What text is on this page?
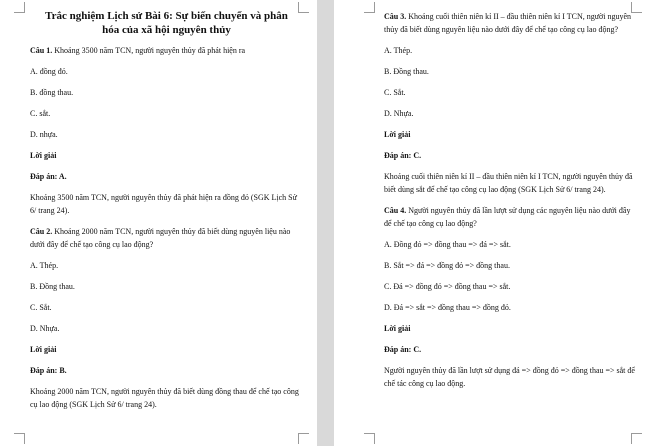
Trắc nghiệm Lịch sử Bài 6: Sự biến chuyển và phân hóa của xã hội nguyên thủy

Câu 1. Khoảng 3500 năm TCN, người nguyên thủy đã phát hiện ra

A. đồng đỏ.

B. đồng thau.

C. sắt.

D. nhựa.

Lời giải

Đáp án: A.

Khoảng 3500 năm TCN, người nguyên thủy đã phát hiện ra đồng đỏ (SGK Lịch Sử 6/ trang 24).

Câu 2. Khoảng 2000 năm TCN, người nguyên thủy đã biết dùng nguyên liệu nào dưới đây để chế tạo công cụ lao động?

A. Thép.

B. Đồng thau.

C. Sắt.

D. Nhựa.

Lời giải

Đáp án: B.

Khoảng 2000 năm TCN, người nguyên thủy đã biết dùng đồng thau để chế tạo công cụ lao động (SGK Lịch Sử 6/ trang 24).

Câu 3. Khoảng cuối thiên niên kỉ II – đầu thiên niên kỉ I TCN, người nguyên thủy đã biết dùng nguyên liệu nào dưới đây để chế tạo công cụ lao động?

A. Thép.

B. Đồng thau.

C. Sắt.

D. Nhựa.

Lời giải

Đáp án: C.

Khoảng cuối thiên niên kỉ II – đầu thiên niên kỉ I TCN, người nguyên thủy đã biết dùng sắt để chế tạo công cụ lao động (SGK Lịch Sử 6/ trang 24).

Câu 4. Người nguyên thủy đã lần lượt sử dụng các nguyên liệu nào dưới đây để chế tạo công cụ lao động?

A. Đồng đỏ => đồng thau => đá => sắt.

B. Sắt => đá => đồng đỏ => đồng thau.

C. Đá => đồng đỏ => đồng thau => sắt.

D. Đá => sắt => đồng thau => đồng đỏ.

Lời giải

Đáp án: C.

Người nguyên thủy đã lần lượt sử dụng đá => đồng đỏ => đồng thau => sắt để chế tác công cụ lao động.
